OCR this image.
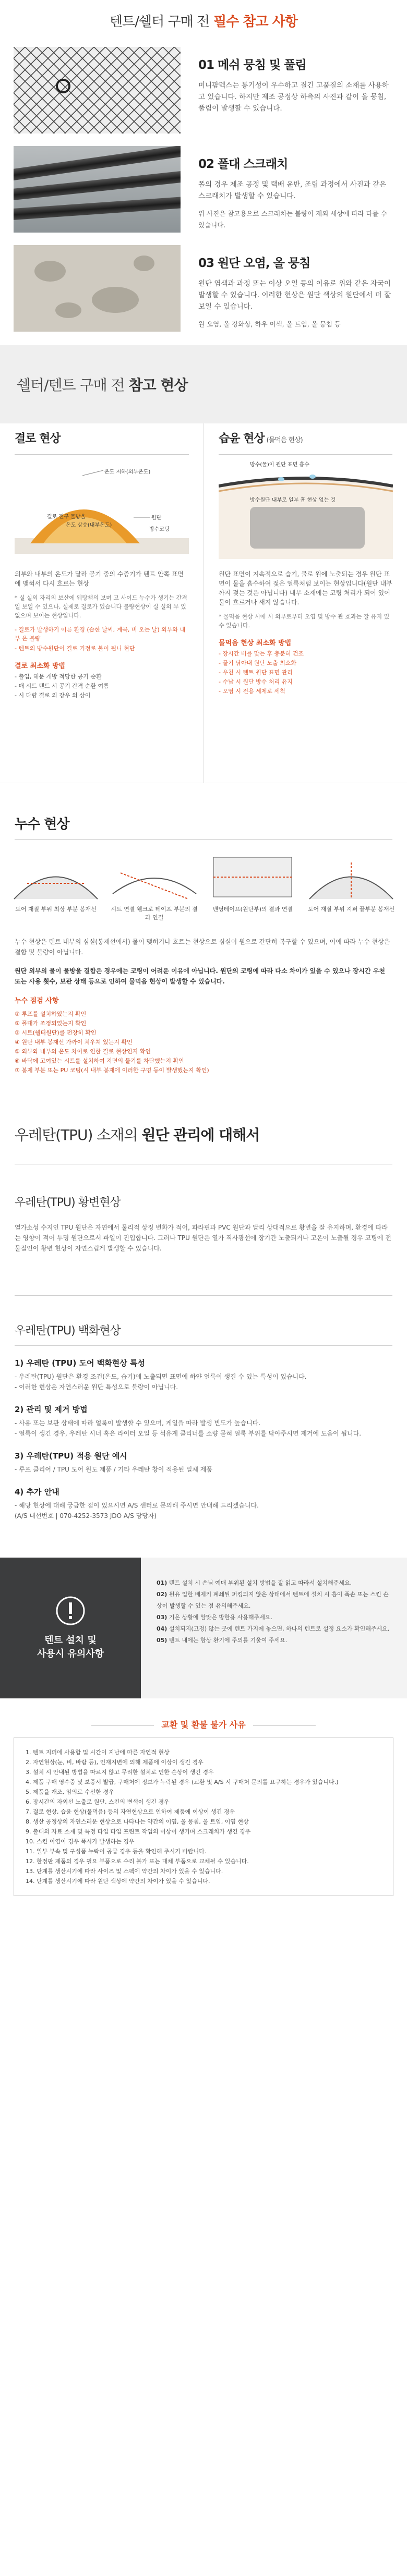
텐트/쉘터 구매 전 필수 참고 사항
01 메쉬 뭉침 및 풀림

미니팜텍스는 통기성이 우수하고 질긴 고품질의 소재를 사용하고 있습니다. 하지만 제조 공정상 하측의 사진과 같이 올 뭉침, 풀림이 발생할 수 있습니다.

02 폴대 스크래치

폴의 경우 제조 공정 및 택배 운반, 조립 과정에서 사진과 같은 스크래치가 발생할 수 있습니다.

위 사진은 참고용으로 스크래치는 불량이 제외 새상에 따라 다를 수 있습니다.

03 원단 오염, 올 뭉침

원단 염색과 과정 또는 이상 오일 등의 이유로 위와 같은 자국이 발생할 수 있습니다. 이러한 현상은 원단 색상의 원단에서 더 잘 보일 수 있습니다.

원 오염, 올 강화상, 하우 이색, 올 트임, 올 뭉침 등

쉘터/텐트 구매 전 참고 현상
결로 현상
온도 저하(외부온도)
결로 전구 물방울	원단
온도 상승(내부온도)
방수코팅
외부와 내부의 온도가 달라 공기 중의 수증기가 텐트 안쪽 표면에 맺혀서 다시 흐르는 현상
* 실 실외 자리의 보산에 웨탕챔의 보며 고 사이드 누수가 생기는 간격일 보일 수 있으나, 실제로 결로가 있습니다 불량현상이 실 실외 부 있 없으며 보이는 현상입니다.
- 결로가 발생하기 이른 환경 (습한 날씨, 계곡, 비 오는 날) 외부와 내부 온 불량
- 텐트의 방수원단이 결로 기정로 불이 됩니 현단
결로 최소화 방법
- 출입, 해문 개방 적당한 공기 순환
- 매 시트 텐트 시 공기 간격 순환 여름
- 시 다량 결로 의 강우 의 상이
습윤 현상 (물먹음 현상)
방수(물)이 원단 표면 흡수
방수원단 내부로 일부 흡 현상 없는 것
원단 표면이 지속적으로 습기, 물로 원에 노출되는 경우 원단 표면이 물을 흡수하여 젖은 얼룩처럼 보이는 현상입니다(원단 내부까지 젖는 것은 아닙니다) 내부 소재에는 코팅 처리가 되어 있어 물이 흐르거나 새지 않습니다.
* 물먹음 현상 시에 시 외부로부터 오염 및 방수 관 효과는 잘 유지 있 수 있습니다.
물먹음 현상 최소화 방법
- 장시간 비를 맞는 후 충분히 건조
- 물기 닦아내 원단 노출 최소화
- 우천 시 텐트 원단 표면 관리
- 수납 시 원단 방수 처리 유지
- 오염 시 전용 세제로 세척
누수 현상
도어 재질 부위 최상 부분 봉재선	시트 연결 웰크로 테이프 부분의 결과 연결
밴딩테이프(원단부)의 결과 연결	도어 재질 부위 지퍼 끝부분 봉재선
누수 현상은 텐트 내부의 심실(봉재선에서) 물이 맺히거나 흐르는 현상으로 심실이 원으로 간단히 복구할 수 있으며, 이에 따라 누수 현상은 결함 및 불량이 아닙니다.
원단 외부의 물이 물방울 결합은 경우에는 코팅이 어려운 이유에 아닙니다. 원단의 코팅에 따라 다소 차이가 있을 수 있으나 장시간 우천 또는 사용 횟수, 보관 상태 등으로 인하여 물먹음 현상이 발생할 수 있습니다.
누수 점검 사항
① 루프를 설치하였는지 확인
② 폴대가 조정되었는지 확인
③ 시트(쉘터원단)를 펀장히 확인
④ 원단 내부 봉재선 가까이 치우쳐 있는지 확인
⑤ 외부와 내부의 온도 차이로 인한 결로 현상인지 확인
⑥ 바닥에 고여있는 시트를 설치하여 지면의 물기를 차단했는지 확인
⑦ 봉제 부분 또는 PU 코팅(시 내부 봉재에 이러한 구멍 등이 발생했는지 확인)
우레탄(TPU) 소재의 원단 관리에 대해서
우레탄(TPU) 황변현상
열가소성 수지인 TPU 원단은 자연에서 물리적 상징 변화가 적어, 파라핀과 PVC 원단과 달리 상대적으로 황변을 잘 유지하며, 환경에 따라는 영향이 적어 투명 원단으로서 파일이 진입합니다. 그러나 TPU 원단은 열가 직사광선에 장기간 노출되거나 고온이 노출될 경우 코팅에 전 물질인이 황변 현상이 자연스럽게 발생할 수 있습니다.
우레탄(TPU) 백화현상
1) 우레탄 (TPU) 도어 백화현상 특성
- 우레탄(TPU) 원단은 환경 조건(온도, 습기)에 노출되면 표면에 하얀 얼룩이 생길 수 있는 특성이 있습니다.
- 이러한 현상은 자연스러운 원단 특성으로 불량이 아닙니다.
2) 관리 및 제거 방법
- 사용 또는 보관 상태에 따라 얼룩이 발생할 수 있으며, 게일을 따라 발생 빈도가 높습니다.
- 얼룩이 생긴 경우, 우레탄 시너 혹은 라이터 오일 등 석유계 클리너를 소량 묻혀 얼룩 부위를 닦아주시면 제거에 도움이 됩니다.
3) 우레탄(TPU) 적용 원단 예시
- 루프 클리어 / TPU 도어 윈도 제품 / 기타 우레탄 창이 적용된 일체 제품
4) 추가 안내
- 해당 현상에 대해 궁금한 점이 있으시면 A/S 센터로 문의해 주시면 안내해 드리겠습니다.
(A/S 내선번호 | 070-4252-3573 JDO A/S 당당자)
텐트 설치 및
사용시 유의사항
01) 텐트 설치 시 손님 예매 부위된 설치 방법을 잘 읽고 따라서 설치해주세요.
02) 원유 입한 배제키 폐쇄된 퍼킹되지 않은 상태에서 텐트에 설치 시 흡이 폭손 또는 스킨 손상이 발생할 수 있는 점 유의해주세요.
03) 기온 상황에 알맞은 방한용 사용해주세요.
04) 설치되지(고정) 않는 곳에 텐트 가지에 놓으면, 하나의 텐트로 설정 요소가 확인해주세요.
05) 텐트 내에는 항상 환기에 주의를 기울여 주세요.
교환 및 환불 불가 사유
1. 텐트 지퍼에 사용함 및 시간이 지남에 따른 자연적 현상
2. 자연현상(눈, 비, 바람 등), 인재지변에 의해 제품에 이상이 생긴 경우
3. 설치 시 안내된 방법을 따르지 않고 무리한 설치로 인한 손상이 생긴 경우
4. 제품 구매 영수증 및 보증서 발급, 구매처에 정보가 누락된 경우 (교환 및 A/S 시 구매처 문의를 요구하는 경우가 있습니다.)
5. 제품을 개조, 임의로 수선한 경우
6. 장시간의 자외선 노출로 원단, 스킨의 변색이 생긴 경우
7. 결로 현상, 습윤 현상(물먹음) 등의 자연현상으로 인하여 제품에 이상이 생긴 경우
8. 생산 공정상의 자연스러운 현상으로 나타나는 약간의 이염, 올 뭉침, 올 트임, 이염 현상
9. 출대의 자료 소재 및 특정 타입 타입 프린트 작업의 이상이 생기며 스크래치가 생긴 경우
10. 스킨 이염이 경우 폭시가 발생하는 경우
11. 일부 부속 및 구성품 누락이 공급 경우 등을 확인해 주시기 바랍니다.
12. 한정판 제품의 경우 필요 부품으로 수리 불가 또는 대체 부품으로 교체될 수 있습니다.
13. 단계를 생산시기에 따라 사이즈 및 스펙에 약간의 차이가 있을 수 있습니다.
14. 단계를 생산시기에 따라 원단 색상에 약간의 차이가 있을 수 있습니다.
